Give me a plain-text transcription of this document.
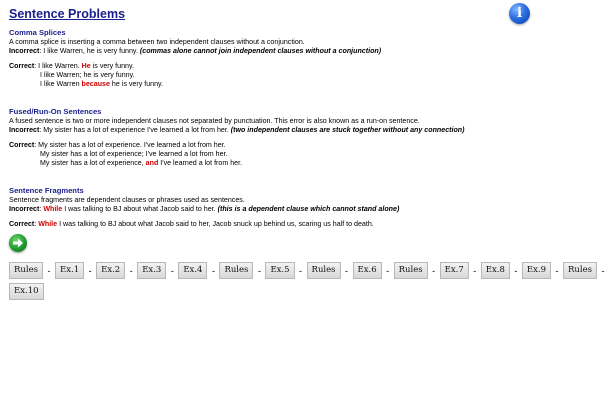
Sentence Problems	i

Comma Splices

A comma splice is inserting a comma between two independent clauses without a conjunction.

Incorrect: I like Warren, he is very funny. (commas alone cannot join independent clauses without a conjunction)

Correct: I like Warren. He is very funny.

I like Warren; he is very funny.

I like Warren because he is very funny.

Fused/Run-On Sentences

A fused sentence is two or more independent clauses not separated by punctuation. This error is also known as a run-on sentence.

Incorrect: My sister has a lot of experience I've learned a lot from her. (two independent clauses are stuck together without any connection)

Correct: My sister has a lot of experience. I've learned a lot from her.

My sister has a lot of experience; I've learned a lot from her.

My sister has a lot of experience, and I've learned a lot from her.

Sentence Fragments

Sentence fragments are dependent clauses or phrases used as sentences.

Incorrect: While I was talking to BJ about what Jacob said to her. (this is a dependent clause which cannot stand alone)

Correct: While I was talking to BJ about what Jacob said to her, Jacob snuck up behind us, scaring us half to death.

Rules - Ex.1 - Ex.2 - Ex.3 - Ex.4 - Rules - Ex.5 - Rules - Ex.6 - Rules - Ex.7 - Ex.8 - Ex.9 - Rules -
Ex.10
